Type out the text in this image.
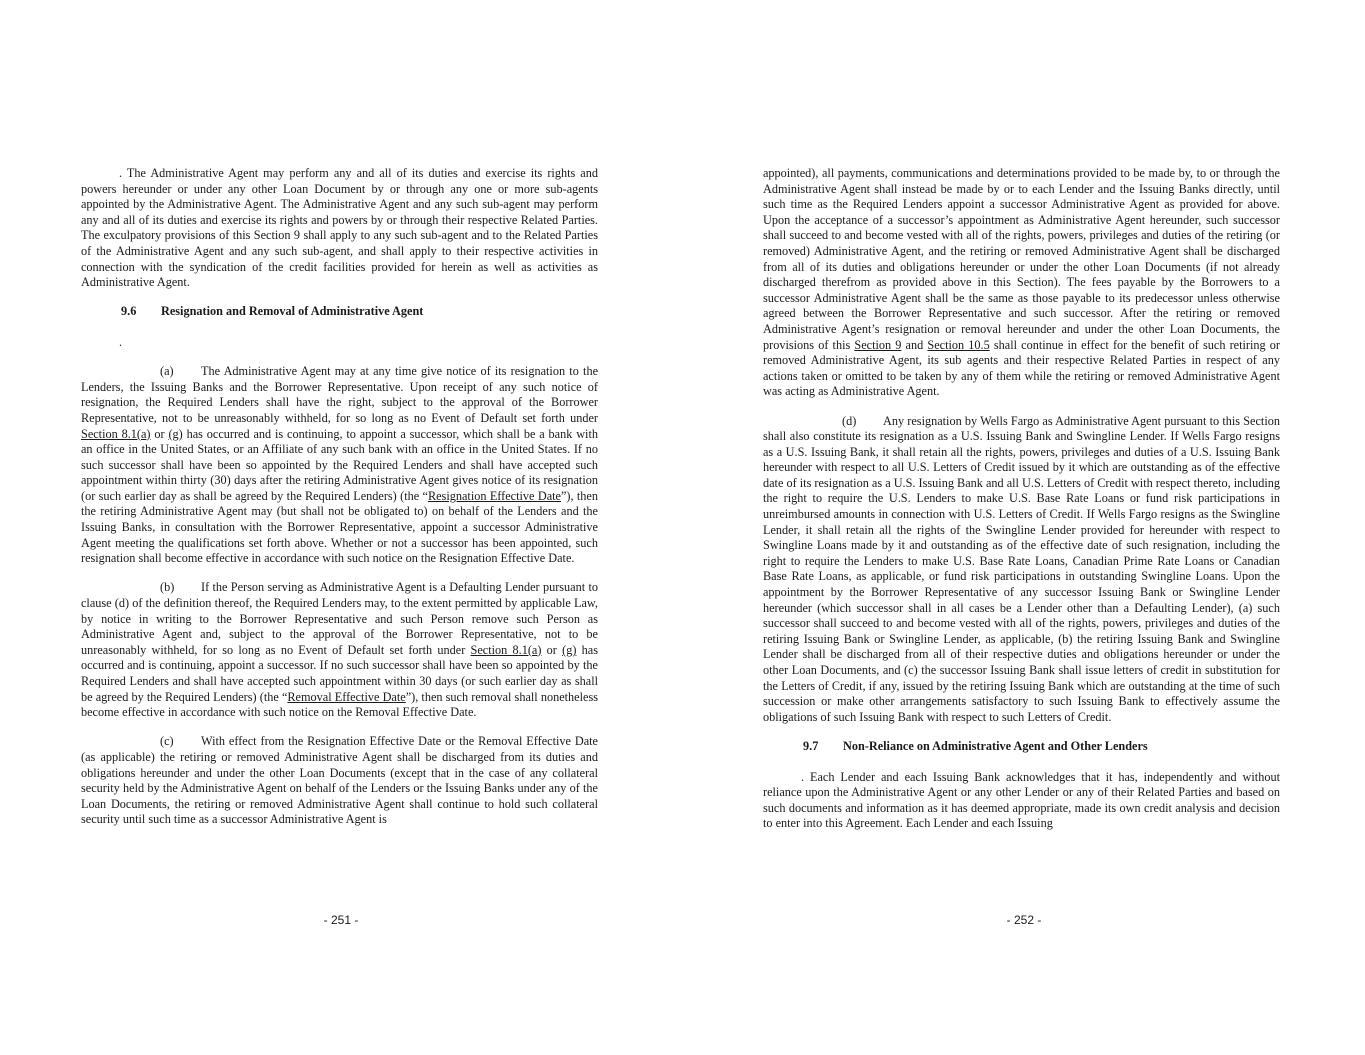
. The Administrative Agent may perform any and all of its duties and exercise its rights and powers hereunder or under any other Loan Document by or through any one or more sub-agents appointed by the Administrative Agent. The Administrative Agent and any such sub-agent may perform any and all of its duties and exercise its rights and powers by or through their respective Related Parties. The exculpatory provisions of this Section 9 shall apply to any such sub-agent and to the Related Parties of the Administrative Agent and any such sub-agent, and shall apply to their respective activities in connection with the syndication of the credit facilities provided for herein as well as activities as Administrative Agent.

9.6 Resignation and Removal of Administrative Agent
.

(a) The Administrative Agent may at any time give notice of its resignation to the Lenders, the Issuing Banks and the Borrower Representative. Upon receipt of any such notice of resignation, the Required Lenders shall have the right, subject to the approval of the Borrower Representative, not to be unreasonably withheld, for so long as no Event of Default set forth under Section 8.1(a) or (g) has occurred and is continuing, to appoint a successor, which shall be a bank with an office in the United States, or an Affiliate of any such bank with an office in the United States. If no such successor shall have been so appointed by the Required Lenders and shall have accepted such appointment within thirty (30) days after the retiring Administrative Agent gives notice of its resignation (or such earlier day as shall be agreed by the Required Lenders) (the “Resignation Effective Date”), then the retiring Administrative Agent may (but shall not be obligated to) on behalf of the Lenders and the Issuing Banks, in consultation with the Borrower Representative, appoint a successor Administrative Agent meeting the qualifications set forth above. Whether or not a successor has been appointed, such resignation shall become effective in accordance with such notice on the Resignation Effective Date.

(b) If the Person serving as Administrative Agent is a Defaulting Lender pursuant to clause (d) of the definition thereof, the Required Lenders may, to the extent permitted by applicable Law, by notice in writing to the Borrower Representative and such Person remove such Person as Administrative Agent and, subject to the approval of the Borrower Representative, not to be unreasonably withheld, for so long as no Event of Default set forth under Section 8.1(a) or (g) has occurred and is continuing, appoint a successor. If no such successor shall have been so appointed by the Required Lenders and shall have accepted such appointment within 30 days (or such earlier day as shall be agreed by the Required Lenders) (the “Removal Effective Date”), then such removal shall nonetheless become effective in accordance with such notice on the Removal Effective Date.

(c) With effect from the Resignation Effective Date or the Removal Effective Date (as applicable) the retiring or removed Administrative Agent shall be discharged from its duties and obligations hereunder and under the other Loan Documents (except that in the case of any collateral security held by the Administrative Agent on behalf of the Lenders or the Issuing Banks under any of the Loan Documents, the retiring or removed Administrative Agent shall continue to hold such collateral security until such time as a successor Administrative Agent is

- 251 -

appointed), all payments, communications and determinations provided to be made by, to or through the Administrative Agent shall instead be made by or to each Lender and the Issuing Banks directly, until such time as the Required Lenders appoint a successor Administrative Agent as provided for above. Upon the acceptance of a successor’s appointment as Administrative Agent hereunder, such successor shall succeed to and become vested with all of the rights, powers, privileges and duties of the retiring (or removed) Administrative Agent, and the retiring or removed Administrative Agent shall be discharged from all of its duties and obligations hereunder or under the other Loan Documents (if not already discharged therefrom as provided above in this Section). The fees payable by the Borrowers to a successor Administrative Agent shall be the same as those payable to its predecessor unless otherwise agreed between the Borrower Representative and such successor. After the retiring or removed Administrative Agent’s resignation or removal hereunder and under the other Loan Documents, the provisions of this Section 9 and Section 10.5 shall continue in effect for the benefit of such retiring or removed Administrative Agent, its sub agents and their respective Related Parties in respect of any actions taken or omitted to be taken by any of them while the retiring or removed Administrative Agent was acting as Administrative Agent.

(d) Any resignation by Wells Fargo as Administrative Agent pursuant to this Section shall also constitute its resignation as a U.S. Issuing Bank and Swingline Lender. If Wells Fargo resigns as a U.S. Issuing Bank, it shall retain all the rights, powers, privileges and duties of a U.S. Issuing Bank hereunder with respect to all U.S. Letters of Credit issued by it which are outstanding as of the effective date of its resignation as a U.S. Issuing Bank and all U.S. Letters of Credit with respect thereto, including the right to require the U.S. Lenders to make U.S. Base Rate Loans or fund risk participations in unreimbursed amounts in connection with U.S. Letters of Credit. If Wells Fargo resigns as the Swingline Lender, it shall retain all the rights of the Swingline Lender provided for hereunder with respect to Swingline Loans made by it and outstanding as of the effective date of such resignation, including the right to require the Lenders to make U.S. Base Rate Loans, Canadian Prime Rate Loans or Canadian Base Rate Loans, as applicable, or fund risk participations in outstanding Swingline Loans. Upon the appointment by the Borrower Representative of any successor Issuing Bank or Swingline Lender hereunder (which successor shall in all cases be a Lender other than a Defaulting Lender), (a) such successor shall succeed to and become vested with all of the rights, powers, privileges and duties of the retiring Issuing Bank or Swingline Lender, as applicable, (b) the retiring Issuing Bank and Swingline Lender shall be discharged from all of their respective duties and obligations hereunder or under the other Loan Documents, and (c) the successor Issuing Bank shall issue letters of credit in substitution for the Letters of Credit, if any, issued by the retiring Issuing Bank which are outstanding at the time of such succession or make other arrangements satisfactory to such Issuing Bank to effectively assume the obligations of such Issuing Bank with respect to such Letters of Credit.

9.7 Non-Reliance on Administrative Agent and Other Lenders

. Each Lender and each Issuing Bank acknowledges that it has, independently and without reliance upon the Administrative Agent or any other Lender or any of their Related Parties and based on such documents and information as it has deemed appropriate, made its own credit analysis and decision to enter into this Agreement. Each Lender and each Issuing

- 252 -
